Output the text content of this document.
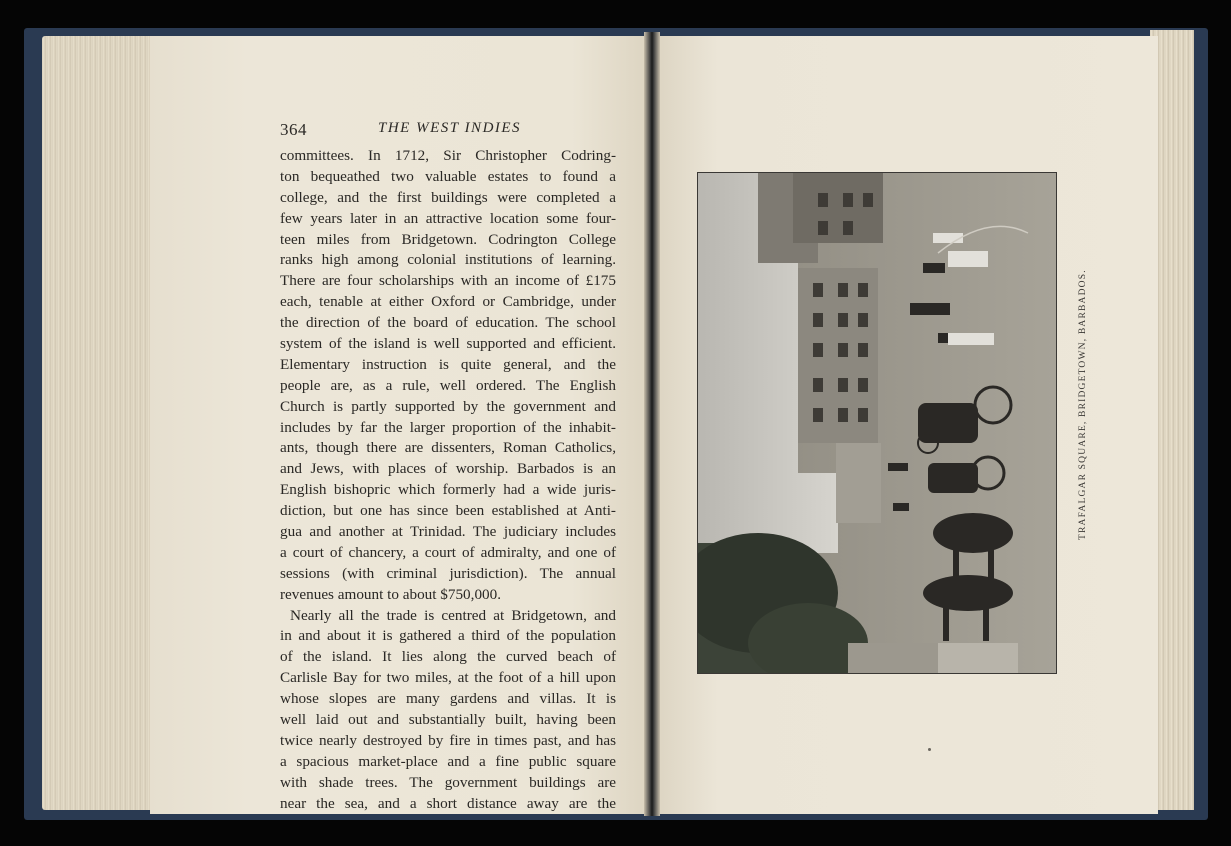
364	THE WEST INDIES
committees. In 1712, Sir Christopher Codring-
ton bequeathed two valuable estates to found a
college, and the first buildings were completed a
few years later in an attractive location some four-
teen miles from Bridgetown. Codrington College
ranks high among colonial institutions of learning.
There are four scholarships with an income of £175
each, tenable at either Oxford or Cambridge, under
the direction of the board of education. The school
system of the island is well supported and efficient.
Elementary instruction is quite general, and the
people are, as a rule, well ordered. The English
Church is partly supported by the government and
includes by far the larger proportion of the inhabit-
ants, though there are dissenters, Roman Catholics,
and Jews, with places of worship. Barbados is an
English bishopric which formerly had a wide juris-
diction, but one has since been established at Anti-
gua and another at Trinidad. The judiciary includes
a court of chancery, a court of admiralty, and one of
sessions (with criminal jurisdiction). The annual
revenues amount to about $750,000.
Nearly all the trade is centred at Bridgetown, and
in and about it is gathered a third of the population
of the island. It lies along the curved beach of
Carlisle Bay for two miles, at the foot of a hill upon
whose slopes are many gardens and villas. It is
well laid out and substantially built, having been
twice nearly destroyed by fire in times past, and has
a spacious market-place and a fine public square
with shade trees. The government buildings are
near the sea, and a short distance away are the
TRAFALGAR SQUARE, BRIDGETOWN, BARBADOS.
